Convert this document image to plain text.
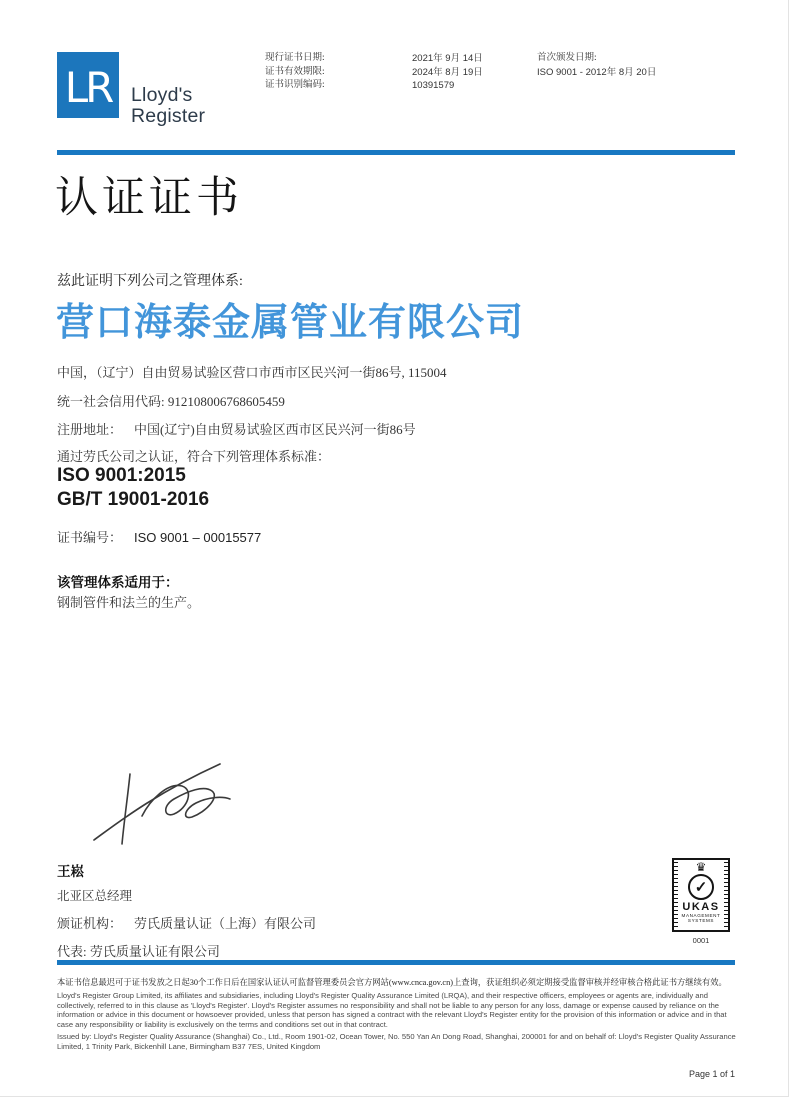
LR Lloyd's
Register
现行证书日期:
证书有效期限:
证书识别编码:
2021年 9月 14日
2024年 8月 19日
10391579
首次颁发日期:
ISO 9001 - 2012年 8月 20日
认证证书
兹此证明下列公司之管理体系:
营口海泰金属管业有限公司
中国，（辽宁）自由贸易试验区营口市西市区民兴河一街86号, 115004
统一社会信用代码: 912108006768605459
注册地址： 中国(辽宁)自由贸易试验区西市区民兴河一街86号
通过劳氏公司之认证，符合下列管理体系标准：
ISO 9001:2015
GB/T 19001-2016
证书编号： ISO 9001 – 00015577
该管理体系适用于：
钢制管件和法兰的生产。
王崧
北亚区总经理
颁证机构： 劳氏质量认证（上海）有限公司
代表: 劳氏质量认证有限公司
♛
✓
UKAS
MANAGEMENT
SYSTEMS
0001
本证书信息最迟可于证书发放之日起30个工作日后在国家认证认可监督管理委员会官方网站(www.cnca.gov.cn)上查询，获证组织必须定期接受监督审核并经审核合格此证书方继续有效。
Lloyd's Register Group Limited, its affiliates and subsidiaries, including Lloyd's Register Quality Assurance Limited (LRQA), and their respective officers, employees or agents are, individually and collectively, referred to in this clause as 'Lloyd's Register'. Lloyd's Register assumes no responsibility and shall not be liable to any person for any loss, damage or expense caused by reliance on the information or advice in this document or howsoever provided, unless that person has signed a contract with the relevant Lloyd's Register entity for the provision of this information or advice and in that case any responsibility or liability is exclusively on the terms and conditions set out in that contract.
Issued by: Lloyd's Register Quality Assurance (Shanghai) Co., Ltd., Room 1901-02, Ocean Tower, No. 550 Yan An Dong Road, Shanghai, 200001 for and on behalf of: Lloyd's Register Quality Assurance Limited, 1 Trinity Park, Bickenhill Lane, Birmingham B37 7ES, United Kingdom
Page 1 of 1
